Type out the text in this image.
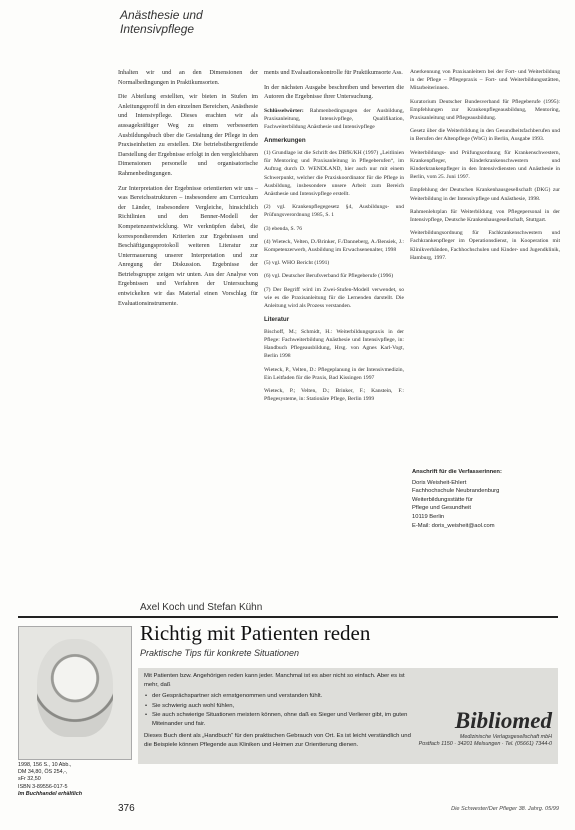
Anästhesie und
Intensivpflege

Inhalten wir und an den Dimensionen der Normalbedingungen in Praktikumsorten.

Die Abteilung erstellten, wir bieten in Stufen im Anleitungsprofil in den einzelnen Bereichen, Anästhesie und Intensivpflege. Dieses erachten wir als aussagekräftiger Weg zu einem verbesserten Ausbildungsbuch über die Gestaltung der Pflege in den Praxiseinheiten zu erstellen. Die betriebsübergreifende Darstellung der Ergebnisse erfolgt in den vergleichbaren Dimensionen personelle und organisatorische Rahmenbedingungen.

Zur Interpretation der Ergebnisse orientierten wir uns – was Bereichsstrukturen – insbesondere am Curriculum der Länder, insbesondere Vergleiche, hinsichtlich Richtlinien und den Benner-Modell der Kompetenzentwicklung. Wir verknüpfen dabei, die korrespondierenden Kriterien zur Ergebnissen und Beschäftigungsprotokoll weiteren Literatur zur Untermauerung unserer Interpretation und zur Anregung der Diskussion. Ergebnisse der Betriebsgruppe zeigen wir unten. Aus der Analyse von Ergebnissen und Verfahren der Untersuchung entwickelten wir das Material einen Vorschlag für Evaluationsinstrumente.

ments und Evaluationskontrolle für Praktikumsorte Ass.

In der nächsten Ausgabe beschreiben und bewerten die Autoren die Ergebnisse ihrer Untersuchung.

Schlüsselwörter: Rahmenbedingungen der Ausbildung, Praxisanleitung, Intensivpflege, Qualifikation, Fachweiterbildung Anästhesie und Intensivpflege

Anmerkungen

(1) Grundlage ist die Schrift des DBfK/KH (1997) „Leitlinien für Mentoring und Praxisanleitung in Pflegeberufen“, im Auftrag durch D. WENDLAND, hier auch nur mit einem Schwerpunkt, welcher die Praxiskoordinator für die Pflege in Ausbildung, insbesondere unsere Arbeit zum Bereich Anästhesie und Intensivpflege erstellt.

(2) vgl. Krankenpflegegesetz §4, Ausbildungs- und Prüfungsverordnung 1985, S. 1

(3) ebenda, S. 76

(4) Wieteck, Velten, D./Brinker, F./Danneberg, A./Bensiek, J.: Kompetenzerwerb, Ausbildung im Erwachsenenalter, 1998

(5) vgl. WHO Bericht (1991)

(6) vgl. Deutscher Berufsverband für Pflegeberufe (1996)

(7) Der Begriff wird im Zwei-Stufen-Modell verwendet, so wie es die Praxisanleitung für die Lernenden darstellt. Die Anleitung wird als Prozess verstanden.

Literatur

Bischoff, M.; Schmidt, H.: Weiterbildungspraxis in der Pflege: Fachweiterbildung Anästhesie und Intensivpflege, in: Handbuch Pflegeausbildung, Hrsg. von Agnes Karl-Vogt, Berlin 1998

Wieteck, P., Velten, D.: Pflegeplanung in der Intensivmedizin, Ein Leitfaden für die Praxis, Bad Kissingen 1997

Wieteck, P.; Velten, D.; Brinker, F.; Kanstein, F.: Pflegesysteme, in: Stationäre Pflege, Berlin 1999

Anerkennung von Praxisanleitern bei der Fort- und Weiterbildung in der Pflege – Pflegepraxis – Fort- und Weiterbildungsstätten, Mitarbeiterinnen.

Kuratorium Deutscher Bundesverband für Pflegeberufe (1995): Empfehlungen zur Krankenpflegeausbildung, Mentoring, Praxisanleitung und Pflegeausbildung.

Gesetz über die Weiterbildung in den Gesundheitsfachberufen und in Berufen der Altenpflege (WbG) in Berlin, Ausgabe 1993.

Weiterbildungs- und Prüfungsordnung für Krankenschwestern, Krankenpfleger, Kinderkrankenschwestern und Kinderkrankenpfleger in den Intensivdiensten und Anästhesie in Berlin, vom 25. Juni 1997.

Empfehlung der Deutschen Krankenhausgesellschaft (DKG) zur Weiterbildung in der Intensivpflege und Anästhesie, 1998.

Rahmenlehrplan für Weiterbildung von Pflegepersonal in der Intensivpflege, Deutsche Krankenhausgesellschaft, Stuttgart.

Weiterbildungsordnung für Fachkrankenschwestern und Fachkrankenpfleger im Operationsdienst, in Kooperation mit Klinikverbänden, Fachhochschulen und Kinder- und Jugendklinik, Hamburg, 1997.

Anschrift für die Verfasserinnen:
Doris Weisheit-Ehlert
Fachhochschule Neubrandenburg
Weiterbildungsstätte für
Pflege und Gesundheit
10119 Berlin
E-Mail: doris_weisheit@aol.com
Axel Koch und Stefan Kühn
Richtig mit Patienten reden
Praktische Tips für konkrete Situationen
Mit Patienten bzw. Angehörigen reden kann jeder. Manchmal ist es aber nicht so einfach. Aber es ist mehr, daß
• der Gesprächspartner sich ernstgenommen und verstanden fühlt.
• Sie schwierig auch wohl fühlen,
• Sie auch schwierige Situationen meistern können, ohne daß es Sieger und Verlierer gibt, im guten Miteinander und fair.
Dieses Buch dient als „Handbuch“ für den praktischen Gebrauch von Ort. Es ist leicht verständlich und die Beispiele können Pflegende aus Kliniken und Heimen zur Orientierung dienen.
Bibliomed
Medizinische Verlagsgesellschaft mbH
Postfach 1150 · 34201 Melsungen · Tel. (05661) 7344-0
1998, 156 S., 10 Abb.,
DM 34,80, ÖS 254,-,
sFr 32,50
ISBN 3-89556-017-5
Im Buchhandel erhältlich
376	Die Schwester/Der Pfleger 38. Jahrg. 05/99
